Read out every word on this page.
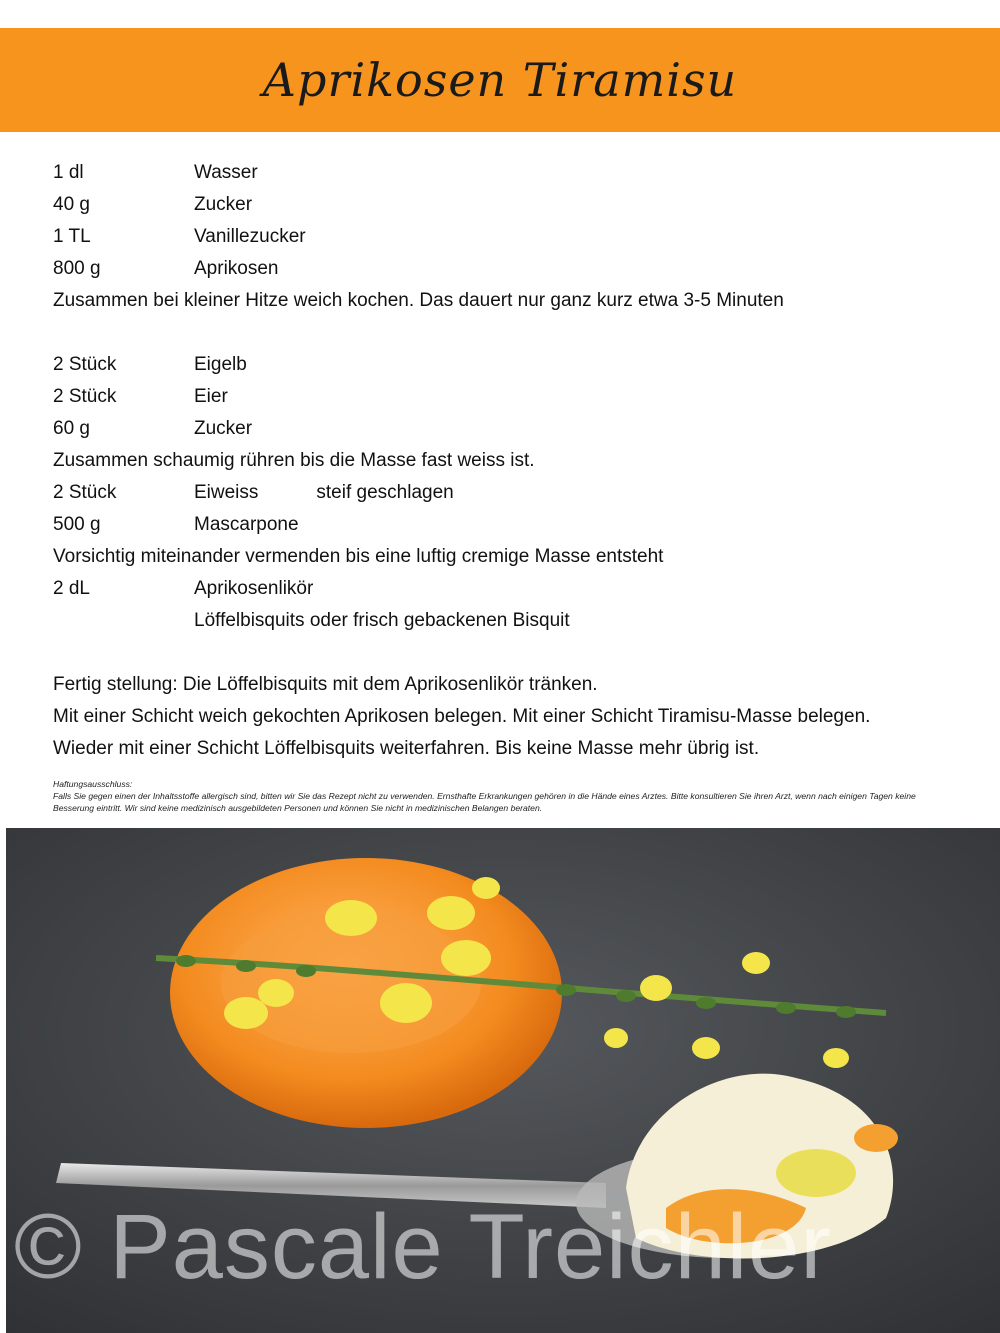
Aprikosen Tiramisu
1 dl	Wasser
40 g	Zucker
1 TL	Vanillezucker
800 g	Aprikosen
Zusammen bei kleiner Hitze weich kochen. Das dauert nur ganz kurz etwa 3-5 Minuten
2 Stück	Eigelb
2 Stück	Eier
60 g	Zucker
Zusammen schaumig rühren bis die Masse fast weiss ist.
2 Stück	Eiweiss	steif geschlagen
500 g	Mascarpone
Vorsichtig miteinander vermenden bis eine luftig cremige Masse entsteht
2 dL	Aprikosenlikör
Löffelbisquits oder frisch gebackenen Bisquit
Fertig stellung: Die Löffelbisquits mit dem Aprikosenlikör tränken.
Mit einer Schicht weich gekochten Aprikosen belegen. Mit einer Schicht Tiramisu-Masse belegen.
Wieder mit einer Schicht Löffelbisquits weiterfahren. Bis keine Masse mehr übrig ist.
Haftungsausschluss:
Falls Sie gegen einen der Inhaltsstoffe allergisch sind, bitten wir Sie das Rezept nicht zu verwenden. Ernsthafte Erkrankungen gehören in die Hände eines Arztes. Bitte konsultieren Sie ihren Arzt, wenn nach einigen Tagen keine Besserung eintritt. Wir sind keine medizinisch ausgebildeten Personen und können Sie nicht in medizinischen Belangen beraten.
© Pascale Treichler
